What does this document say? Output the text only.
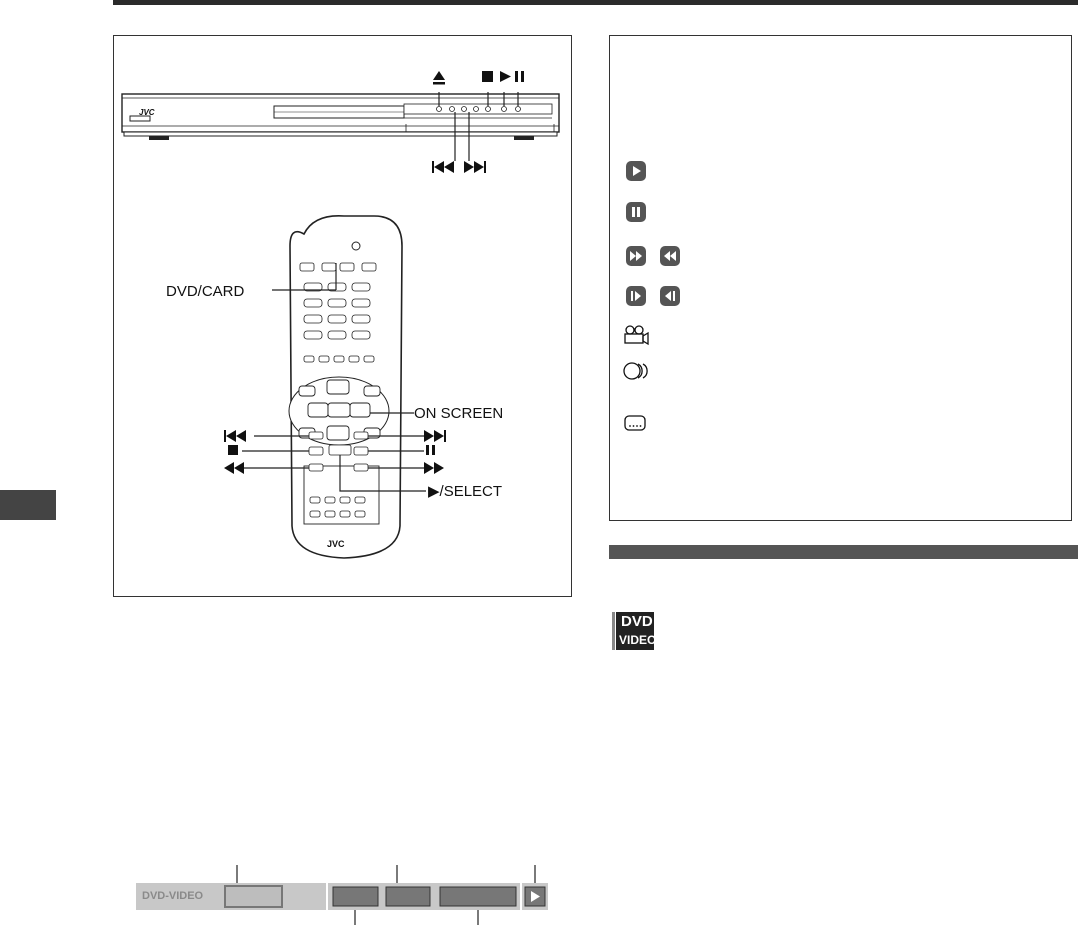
JVC
DVD/CARD
ON SCREEN
▶/SELECT
JVC
DVD
VIDEO
DVD-VIDEO
